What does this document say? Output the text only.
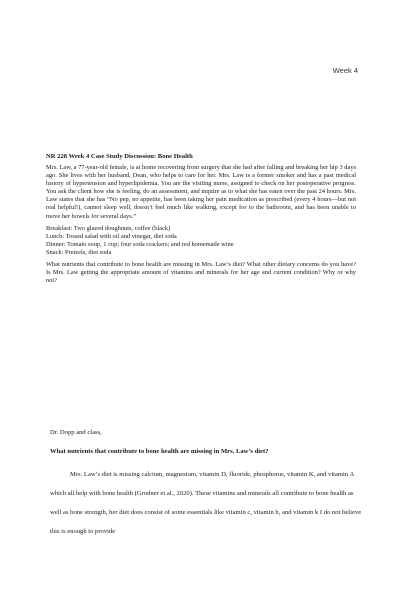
Week 4
NR 228 Week 4 Case Study Discussion: Bone Health

Mrs. Law, a 77-year-old female, is at home recovering from surgery that she had after falling and breaking her hip 3 days ago. She lives with her husband, Dean, who helps to care for her. Mrs. Law is a former smoker and has a past medical history of hypertension and hyperlipidemia. You are the visiting nurse, assigned to check on her postoperative progress. You ask the client how she is feeling, do an assessment, and inquire as to what she has eaten over the past 24 hours. Mrs. Law states that she has “No pep, no appetite, has been taking her pain medication as prescribed (every 4 hours—but not real helpful!), cannot sleep well, doesn’t feel much like walking, except for to the bathroom, and has been unable to move her bowels for several days.”

Breakfast: Two glazed doughnuts, coffee (black)
Lunch: Tossed salad with oil and vinegar, diet soda
Dinner: Tomato soup, 1 cup; four soda crackers; and red homemade wine
Snack: Pretzels, diet soda

What nutrients that contribute to bone health are missing in Mrs. Law’s diet? What other dietary concerns do you have? Is Mrs. Law getting the appropriate amount of vitamins and minerals for her age and current condition? Why or why not?

Dr. Dopp and class,
What nutrients that contribute to bone health are missing in Mrs. Law’s diet?

Mrs. Law’s diet is missing calcium, magnesium, vitamin D, fluoride, phosphorus, vitamin K, and vitamin A which all help with bone health (Grodner et al., 2020). These vitamins and minerals all contribute to bone health as well as bone strength, her diet does consist of some essentials like vitamin c, vitamin b, and vitamin k I do not believe this is enough to provide
